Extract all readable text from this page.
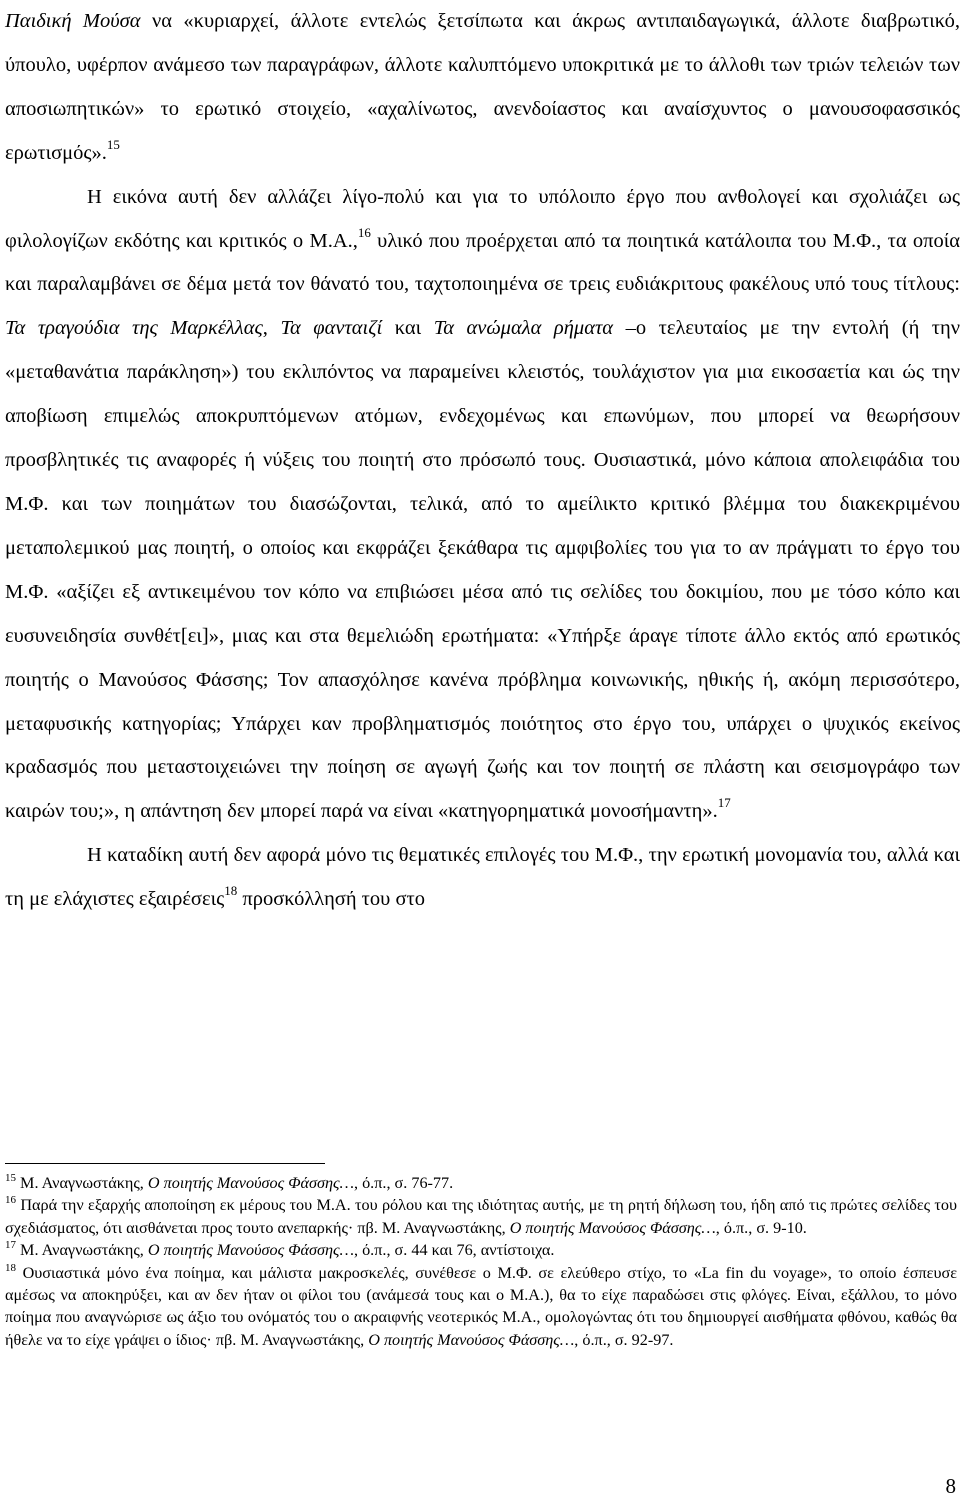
Παιδική Μούσα να «κυριαρχεί, άλλοτε εντελώς ξετσίπωτα και άκρως αντιπαιδαγωγικά, άλλοτε διαβρωτικό, ύπουλο, υφέρπον ανάμεσο των παραγράφων, άλλοτε καλυπτόμενο υποκριτικά με το άλλοθι των τριών τελειών των αποσιωπητικών» το ερωτικό στοιχείο, «αχαλίνωτος, ανενδοίαστος και αναίσχυντος ο μανουσοφασσικός ερωτισμός».$^{15}$

Η εικόνα αυτή δεν αλλάζει λίγο-πολύ και για το υπόλοιπο έργο που ανθολογεί και σχολιάζει ως φιλολογίζων εκδότης και κριτικός ο Μ.Α.,$^{16}$ υλικό που προέρχεται από τα ποιητικά κατάλοιπα του Μ.Φ., τα οποία και παραλαμβάνει σε δέμα μετά τον θάνατό του, ταχτοποιημένα σε τρεις ευδιάκριτους φακέλους υπό τους τίτλους: Τα τραγούδια της Μαρκέλλας, Τα φανταιζί και Τα ανώμαλα ρήματα –ο τελευταίος με την εντολή (ή την «μεταθανάτια παράκληση») του εκλιπόντος να παραμείνει κλειστός, τουλάχιστον για μια εικοσαετία και ώς την αποβίωση επιμελώς αποκρυπτόμενων ατόμων, ενδεχομένως και επωνύμων, που μπορεί να θεωρήσουν προσβλητικές τις αναφορές ή νύξεις του ποιητή στο πρόσωπό τους. Ουσιαστικά, μόνο κάποια απολειφάδια του Μ.Φ. και των ποιημάτων του διασώζονται, τελικά, από το αμείλικτο κριτικό βλέμμα του διακεκριμένου μεταπολεμικού μας ποιητή, ο οποίος και εκφράζει ξεκάθαρα τις αμφιβολίες του για το αν πράγματι το έργο του Μ.Φ. «αξίζει εξ αντικειμένου τον κόπο να επιβιώσει μέσα από τις σελίδες του δοκιμίου, που με τόσο κόπο και ευσυνειδησία συνθέτ[ει]», μιας και στα θεμελιώδη ερωτήματα: «Υπήρξε άραγε τίποτε άλλο εκτός από ερωτικός ποιητής ο Μανούσος Φάσσης; Τον απασχόλησε κανένα πρόβλημα κοινωνικής, ηθικής ή, ακόμη περισσότερο, μεταφυσικής κατηγορίας; Υπάρχει καν προβληματισμός ποιότητος στο έργο του, υπάρχει ο ψυχικός εκείνος κραδασμός που μεταστοιχειώνει την ποίηση σε αγωγή ζωής και τον ποιητή σε πλάστη και σεισμογράφο των καιρών του;», η απάντηση δεν μπορεί παρά να είναι «κατηγορηματικά μονοσήμαντη».$^{17}$

Η καταδίκη αυτή δεν αφορά μόνο τις θεματικές επιλογές του Μ.Φ., την ερωτική μονομανία του, αλλά και τη με ελάχιστες εξαιρέσεις$^{18}$ προσκόλλησή του στο

$^{15}$ Μ. Αναγνωστάκης, Ο ποιητής Μανούσος Φάσσης…, ό.π., σ. 76-77.

$^{16}$ Παρά την εξαρχής αποποίηση εκ μέρους του Μ.Α. του ρόλου και της ιδιότητας αυτής, με τη ρητή δήλωση του, ήδη από τις πρώτες σελίδες του σχεδιάσματος, ότι αισθάνεται προς τουτο ανεπαρκής· πβ. Μ. Αναγνωστάκης, Ο ποιητής Μανούσος Φάσσης…, ό.π., σ. 9-10.

$^{17}$ Μ. Αναγνωστάκης, Ο ποιητής Μανούσος Φάσσης…, ό.π., σ. 44 και 76, αντίστοιχα.

$^{18}$ Ουσιαστικά μόνο ένα ποίημα, και μάλιστα μακροσκελές, συνέθεσε ο Μ.Φ. σε ελεύθερο στίχο, το «La fin du voyage», το οποίο έσπευσε αμέσως να αποκηρύξει, και αν δεν ήταν οι φίλοι του (ανάμεσά τους και ο Μ.Α.), θα το είχε παραδώσει στις φλόγες. Είναι, εξάλλου, το μόνο ποίημα που αναγνώρισε ως άξιο του ονόματός του ο ακραιφνής νεοτερικός Μ.Α., ομολογώντας ότι του δημιουργεί αισθήματα φθόνου, καθώς θα ήθελε να το είχε γράψει ο ίδιος· πβ. Μ. Αναγνωστάκης, Ο ποιητής Μανούσος Φάσσης…, ό.π., σ. 92-97.

8
